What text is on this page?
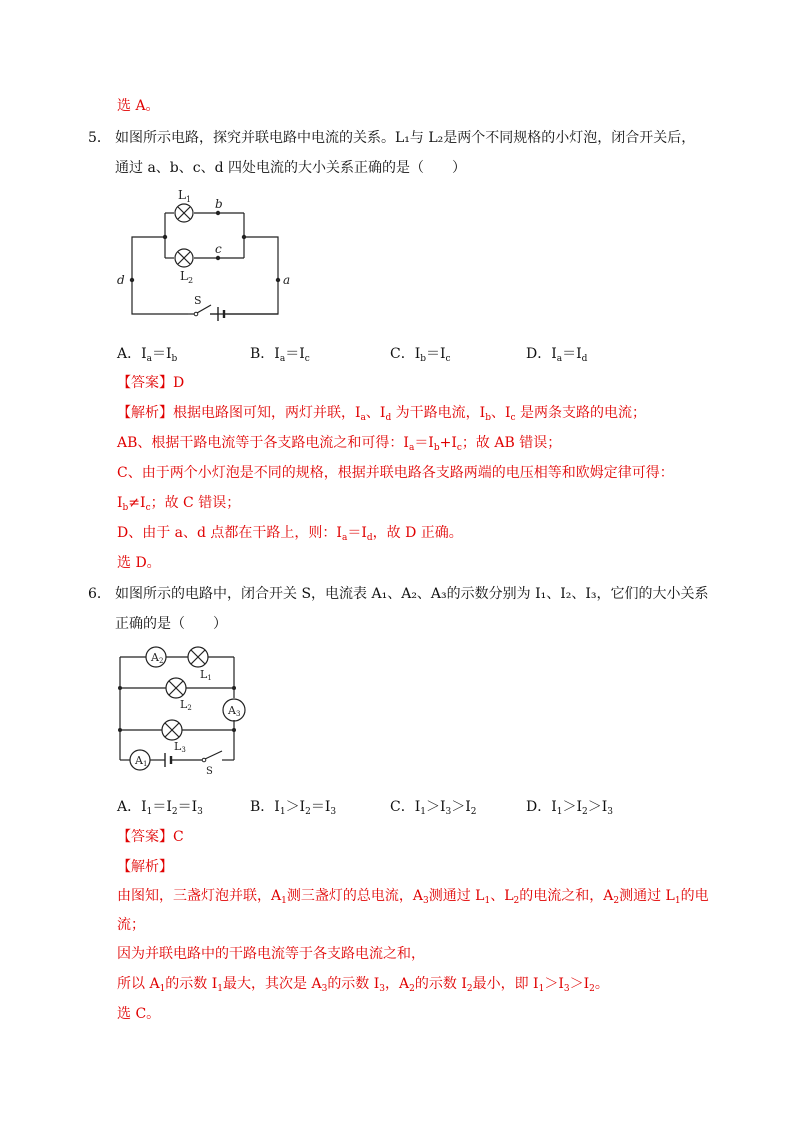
选 A。
5． 如图所示电路，探究并联电路中电流的关系。L₁与 L₂是两个不同规格的小灯泡，闭合开关后，
通过 a、b、c、d 四处电流的大小关系正确的是（　　）
$L_1$
$L_2$
b
c
d	a
S
A．$I_a=I_b$	B．$I_a=I_c$	C．$I_b=I_c$	D．$I_a=I_d$
【答案】D
【解析】根据电路图可知，两灯并联，$I_a$、$I_d$ 为干路电流，$I_b$、$I_c$ 是两条支路的电流；
AB、根据干路电流等于各支路电流之和可得：$I_a=I_b+I_c$；故 AB 错误；
C、由于两个小灯泡是不同的规格，根据并联电路各支路两端的电压相等和欧姆定律可得：
$I_b\ne I_c$；故 C 错误；
D、由于 a、d 点都在干路上，则：$I_a=I_d$，故 D 正确。
选 D。
6． 如图所示的电路中，闭合开关 S，电流表 A₁、A₂、A₃的示数分别为 I₁、I₂、I₃，它们的大小关系
正确的是（　　）
A2
L1
L2	A3
L3
A1
S
A．$I_1=I_2=I_3$	B．$I_1>I_2=I_3$	C．$I_1>I_3>I_2$	D．$I_1>I_2>I_3$
【答案】C
【解析】
由图知，三盏灯泡并联，$A_1$测三盏灯的总电流，$A_3$测通过 $L_1$、$L_2$的电流之和，$A_2$测通过 $L_1$的电
流；
因为并联电路中的干路电流等于各支路电流之和，
所以 $A_1$的示数 $I_1$最大，其次是 $A_3$的示数 $I_3$，$A_2$的示数 $I_2$最小，即 $I_1>I_3>I_2$。
选 C。
